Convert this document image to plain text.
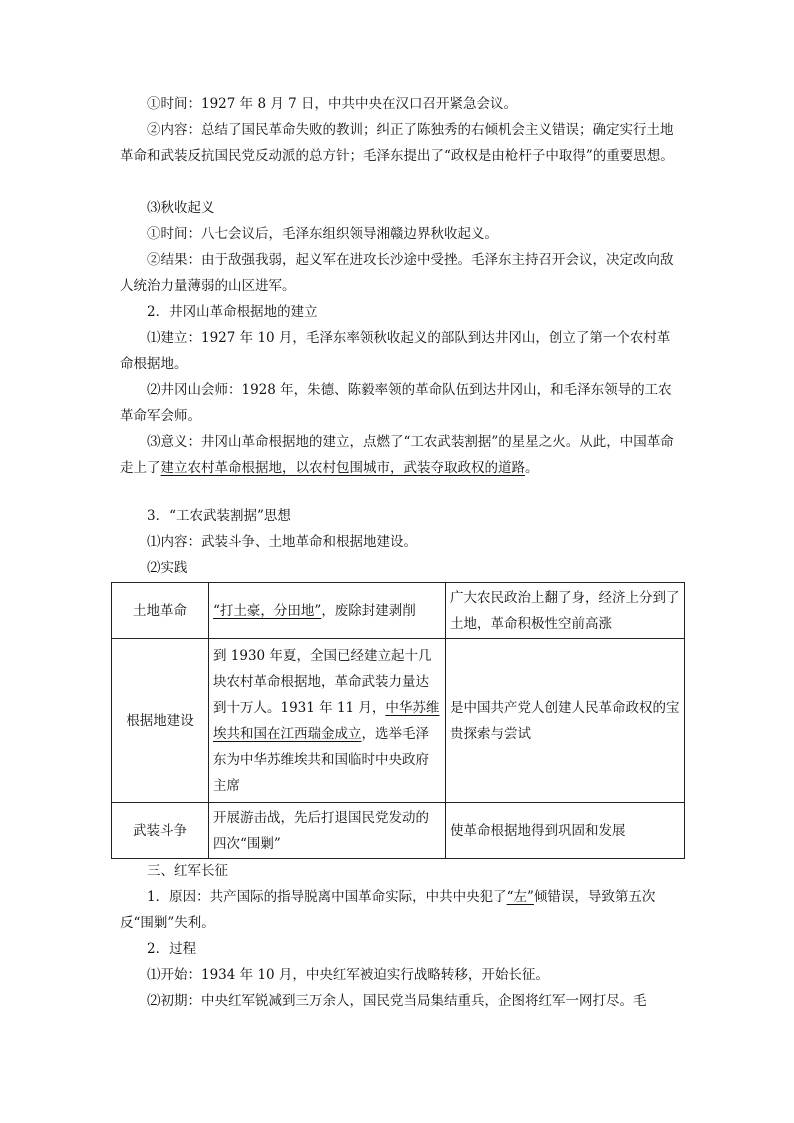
①时间：1927 年 8 月 7 日，中共中央在汉口召开紧急会议。

②内容：总结了国民革命失败的教训；纠正了陈独秀的右倾机会主义错误；确定实行土地革命和武装反抗国民党反动派的总方针；毛泽东提出了“政权是由枪杆子中取得”的重要思想。

⑶秋收起义

①时间：八七会议后，毛泽东组织领导湘赣边界秋收起义。

②结果：由于敌强我弱，起义军在进攻长沙途中受挫。毛泽东主持召开会议，决定改向敌人统治力量薄弱的山区进军。

2．井冈山革命根据地的建立

⑴建立：1927 年 10 月，毛泽东率领秋收起义的部队到达井冈山，创立了第一个农村革命根据地。

⑵井冈山会师：1928 年，朱德、陈毅率领的革命队伍到达井冈山，和毛泽东领导的工农革命军会师。

⑶意义：井冈山革命根据地的建立，点燃了“工农武装割据”的星星之火。从此，中国革命走上了建立农村革命根据地，以农村包围城市，武装夺取政权的道路。

3．“工农武装割据”思想

⑴内容：武装斗争、土地革命和根据地建设。

⑵实践

土地革命	“打土豪，分田地”，废除封建剥削	广大农民政治上翻了身，经济上分到了土地，革命积极性空前高涨
根据地建设	到 1930 年夏，全国已经建立起十几块农村革命根据地，革命武装力量达到十万人。1931 年 11 月，中华苏维埃共和国在江西瑞金成立，选举毛泽东为中华苏维埃共和国临时中央政府主席	是中国共产党人创建人民革命政权的宝贵探索与尝试
武装斗争	开展游击战，先后打退国民党发动的四次“围剿”	使革命根据地得到巩固和发展

三、红军长征

1．原因：共产国际的指导脱离中国革命实际，中共中央犯了“左”倾错误，导致第五次反“围剿”失利。

2．过程

⑴开始：1934 年 10 月，中央红军被迫实行战略转移，开始长征。

⑵初期：中央红军锐减到三万余人，国民党当局集结重兵，企图将红军一网打尽。毛
